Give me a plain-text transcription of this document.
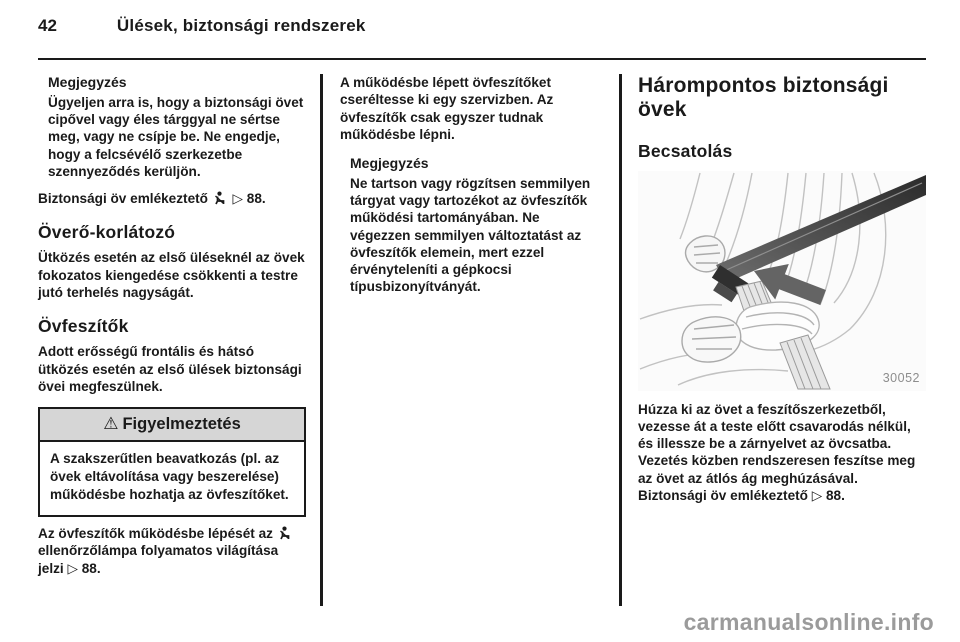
42	Ülések, biztonsági rendszerek

Megjegyzés

Ügyeljen arra is, hogy a biztonsági övet cipővel vagy éles tárggyal ne sértse meg, vagy ne csípje be. Ne engedje, hogy a felcsévélő szerkezetbe szennyeződés kerüljön.

Biztonsági öv emlékeztető ▷ 88.

Överő-korlátozó

Ütközés esetén az első üléseknél az övek fokozatos kiengedése csökkenti a testre jutó terhelés nagyságát.

Övfeszítők

Adott erősségű frontális és hátsó ütközés esetén az első ülések biztonsági övei megfeszülnek.

⚠ Figyelmeztetés
A szakszerűtlen beavatkozás (pl. az övek eltávolítása vagy beszerelése) működésbe hozhatja az övfeszítőket.

Az övfeszítők működésbe lépését az  ellenőrzőlámpa folyamatos világítása jelzi ▷ 88.

A működésbe lépett övfeszítőket cseréltesse ki egy szervizben. Az övfeszítők csak egyszer tudnak működésbe lépni.

Megjegyzés

Ne tartson vagy rögzítsen semmilyen tárgyat vagy tartozékot az övfeszítők működési tartományában. Ne végezzen semmilyen változtatást az övfeszítők elemein, mert ezzel érvényteleníti a gépkocsi típusbizonyítványát.

Hárompontos biztonsági övek

Becsatolás

30052

Húzza ki az övet a feszítőszerkezetből, vezesse át a teste előtt csavarodás nélkül, és illessze be a zárnyelvet az övcsatba. Vezetés közben rendszeresen feszítse meg az övet az átlós ág meghúzásával. Biztonsági öv emlékeztető ▷ 88.

carmanualsonline.info
